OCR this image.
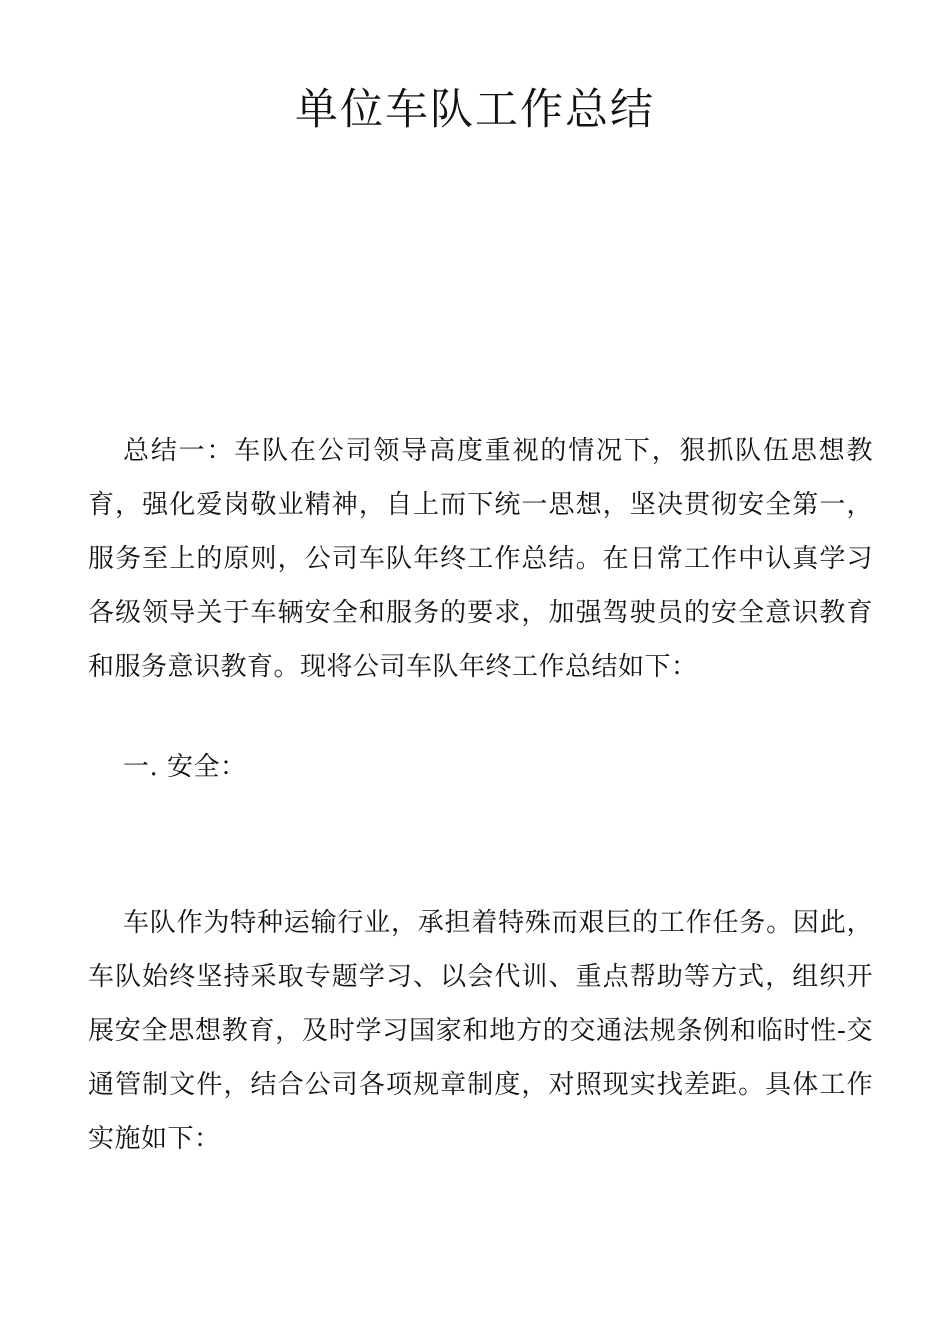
单位车队工作总结

总结一：车队在公司领导高度重视的情况下，狠抓队伍思想教育，强化爱岗敬业精神，自上而下统一思想，坚决贯彻安全第一，服务至上的原则，公司车队年终工作总结。在日常工作中认真学习各级领导关于车辆安全和服务的要求，加强驾驶员的安全意识教育和服务意识教育。现将公司车队年终工作总结如下：

一. 安全：

车队作为特种运输行业，承担着特殊而艰巨的工作任务。因此，车队始终坚持采取专题学习、以会代训、重点帮助等方式，组织开展安全思想教育，及时学习国家和地方的交通法规条例和临时性-交通管制文件，结合公司各项规章制度，对照现实找差距。具体工作实施如下：
